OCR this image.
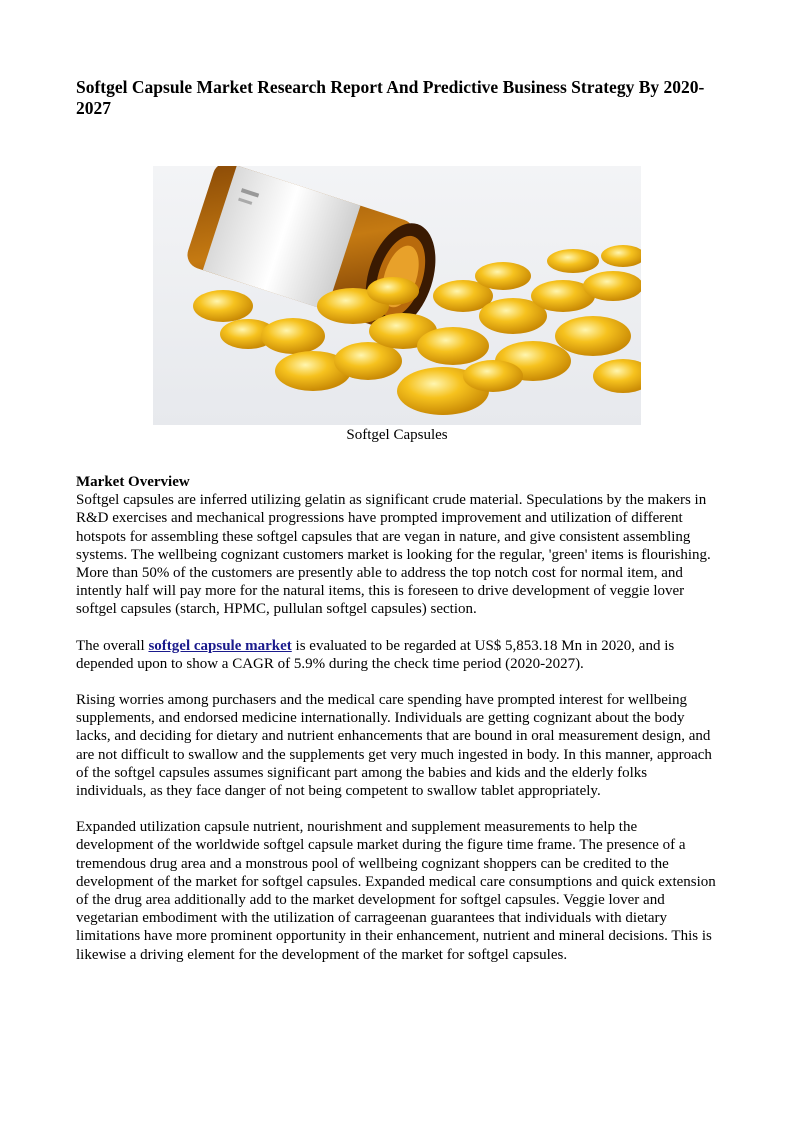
Softgel Capsule Market Research Report And Predictive Business Strategy By 2020-2027
Softgel Capsules

Market Overview
Softgel capsules are inferred utilizing gelatin as significant crude material. Speculations by the makers in R&D exercises and mechanical progressions have prompted improvement and utilization of different hotspots for assembling these softgel capsules that are vegan in nature, and give consistent assembling systems. The wellbeing cognizant customers market is looking for the regular, 'green' items is flourishing. More than 50% of the customers are presently able to address the top notch cost for normal item, and intently half will pay more for the natural items, this is foreseen to drive development of veggie lover softgel capsules (starch, HPMC, pullulan softgel capsules) section.

The overall softgel capsule market is evaluated to be regarded at US$ 5,853.18 Mn in 2020, and is depended upon to show a CAGR of 5.9% during the check time period (2020-2027).

Rising worries among purchasers and the medical care spending have prompted interest for wellbeing supplements, and endorsed medicine internationally. Individuals are getting cognizant about the body lacks, and deciding for dietary and nutrient enhancements that are bound in oral measurement design, and are not difficult to swallow and the supplements get very much ingested in body. In this manner, approach of the softgel capsules assumes significant part among the babies and kids and the elderly folks individuals, as they face danger of not being competent to swallow tablet appropriately.

Expanded utilization capsule nutrient, nourishment and supplement measurements to help the development of the worldwide softgel capsule market during the figure time frame. The presence of a tremendous drug area and a monstrous pool of wellbeing cognizant shoppers can be credited to the development of the market for softgel capsules. Expanded medical care consumptions and quick extension of the drug area additionally add to the market development for softgel capsules. Veggie lover and vegetarian embodiment with the utilization of carrageenan guarantees that individuals with dietary limitations have more prominent opportunity in their enhancement, nutrient and mineral decisions. This is likewise a driving element for the development of the market for softgel capsules.
